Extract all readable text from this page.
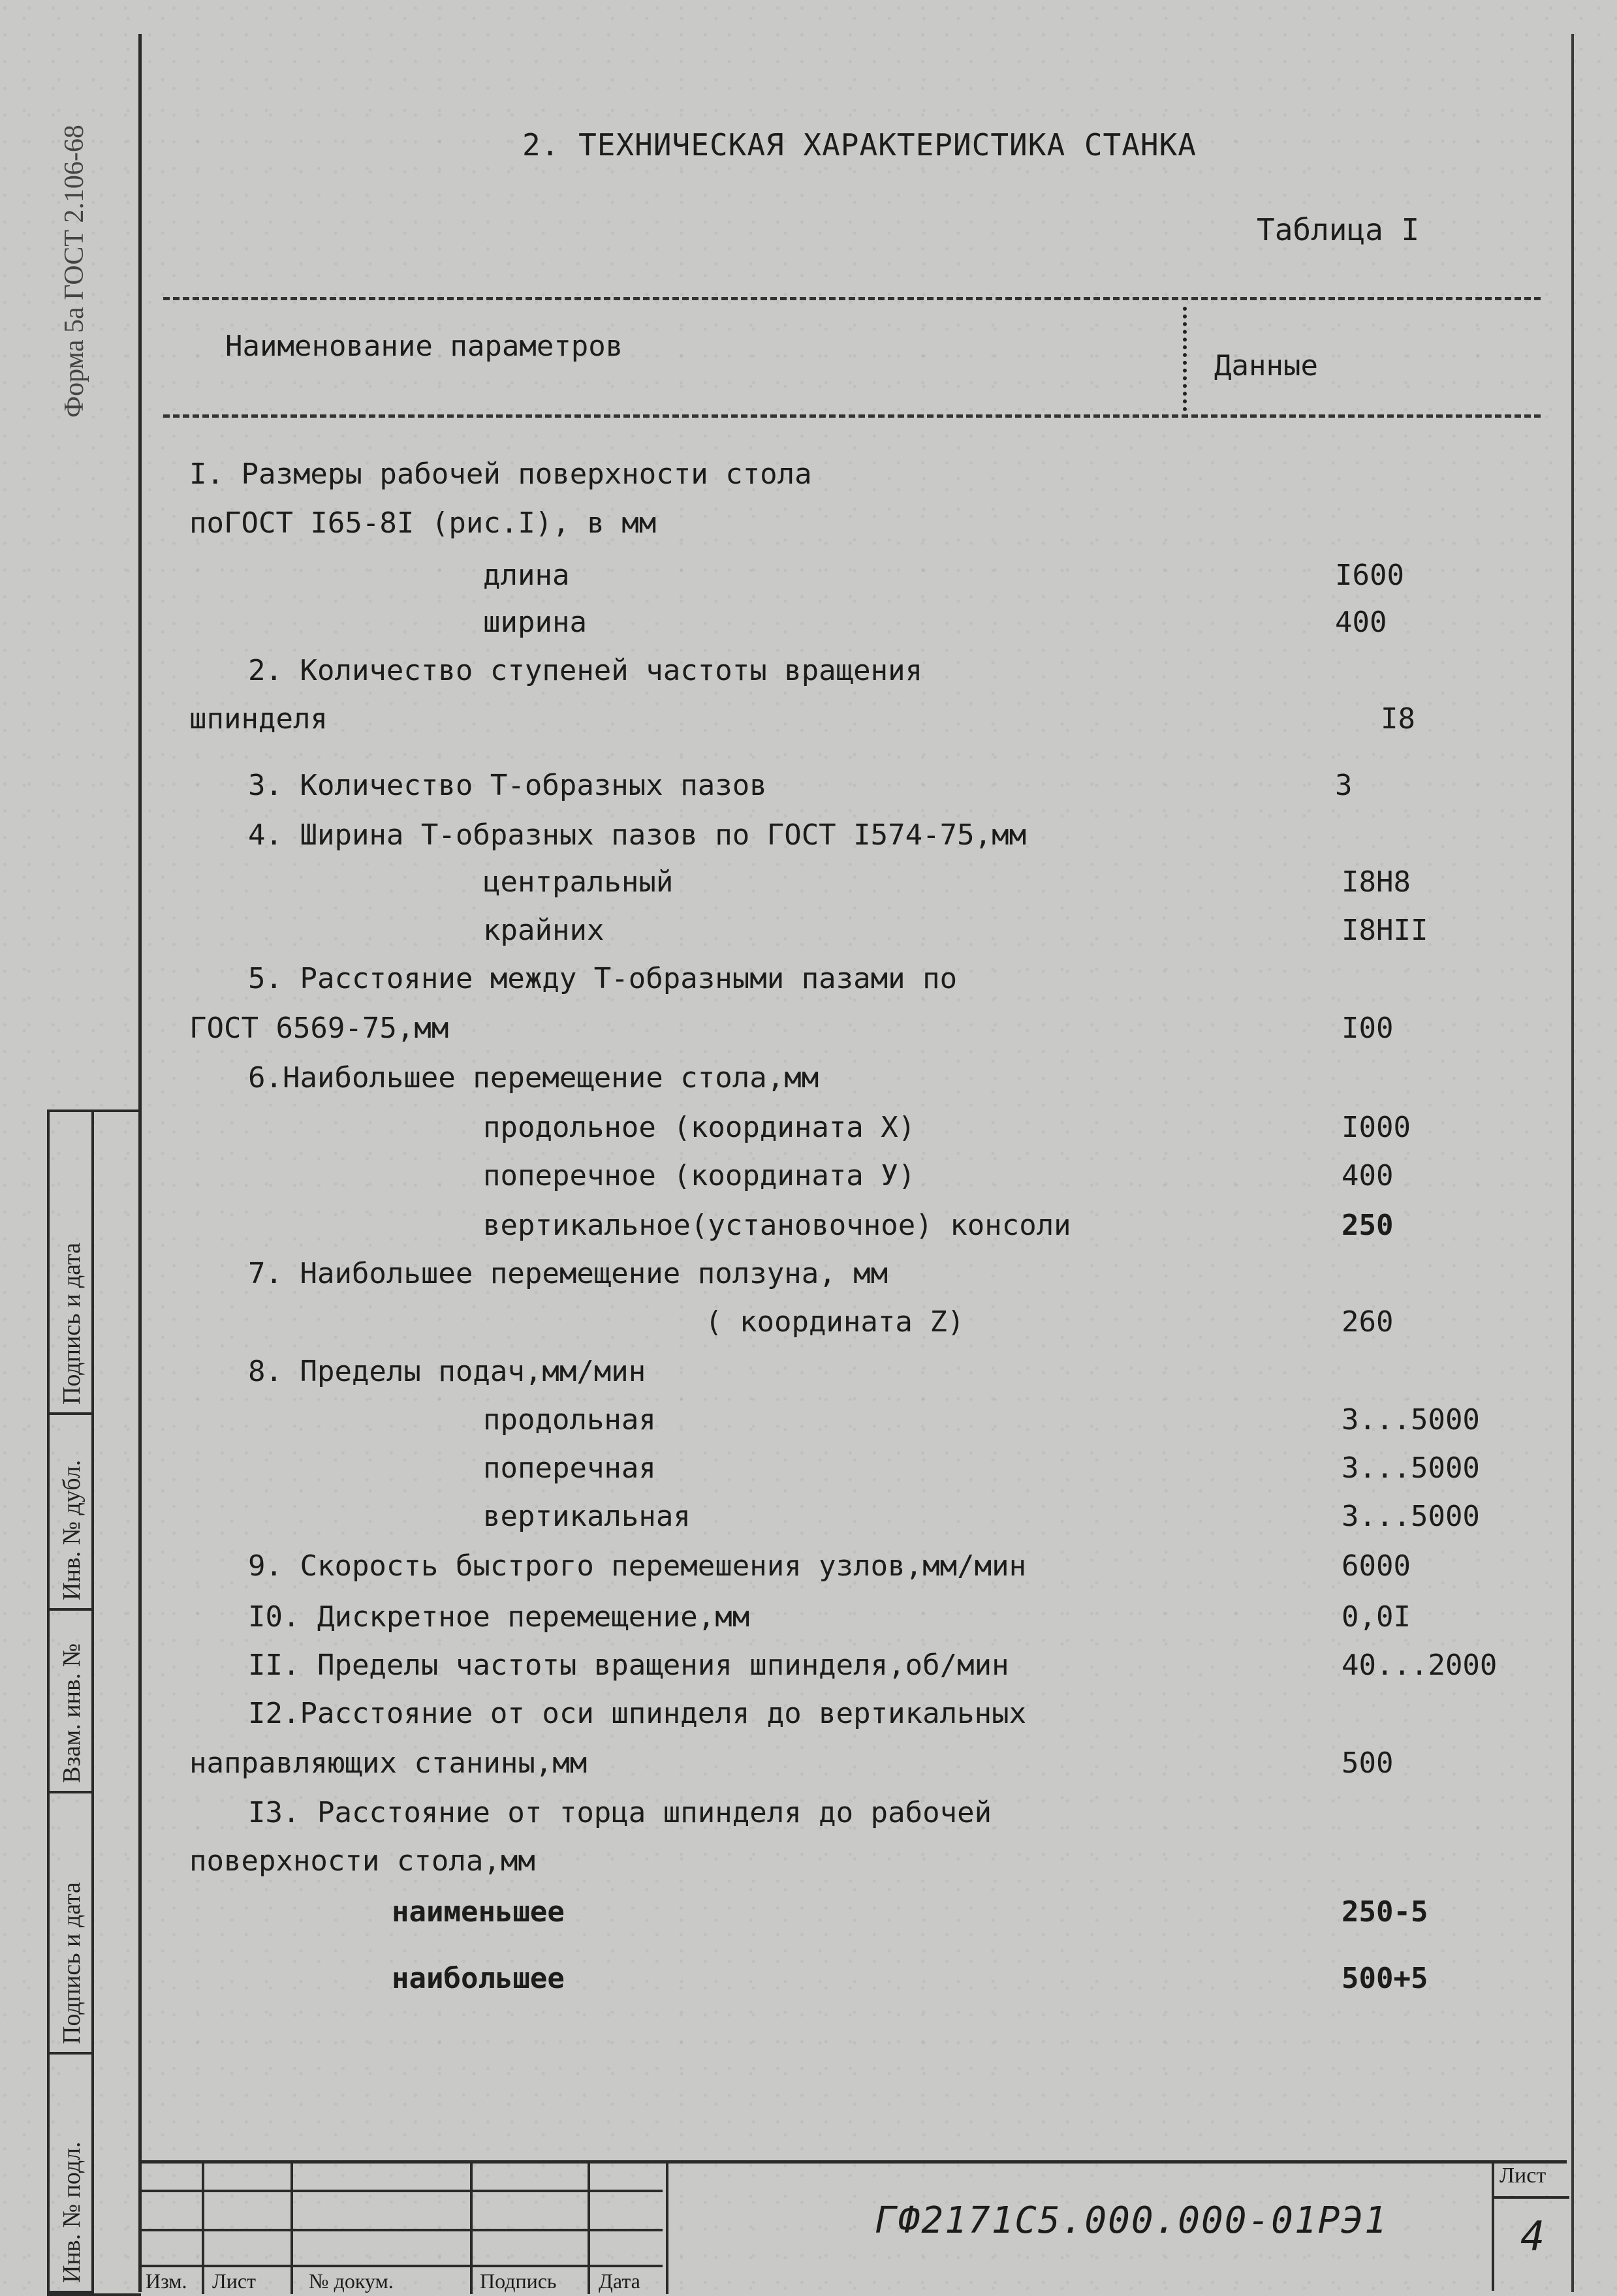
Форма 5а ГОСТ 2.106-68
Инв. № подл.
Подпись и дата
Взам. инв. №
Инв. № дубл.
Подпись и дата
2. ТЕХНИЧЕСКАЯ ХАРАКТЕРИСТИКА СТАНКА
Таблица I
Наименование параметров
Данные
I. Размеры рабочей поверхности стола
поГОСТ I65-8I (рис.I), в мм
длина	I600
ширина	400
2. Количество ступеней частоты вращения
шпинделя	I8
3. Количество Т-образных пазов	3
4. Ширина Т-образных пазов по ГОСТ I574-75,мм
центральный	I8H8
крайних	I8HII
5. Расстояние между Т-образными пазами по
ГОСТ 6569-75,мм	I00
6.Наибольшее перемещение стола,мм
продольное (координата X)	I000
поперечное (координата У)	400
вертикальное(установочное) консоли	250
7. Наибольшее перемещение ползуна, мм
( координата Z)	260
8. Пределы подач,мм/мин
продольная	3...5000
поперечная	3...5000
вертикальная	3...5000
9. Скорость быстрого перемешения узлов,мм/мин	6000
I0. Дискретное перемещение,мм	0,0I
II. Пределы частоты вращения шпинделя,об/мин	40...2000
I2.Расстояние от оси шпинделя до вертикальных
направляющих станины,мм	500
I3. Расстояние от торца шпинделя до рабочей
поверхности стола,мм
наименьшее	250-5
наибольшее	500+5
Изм. Лист	№ докум.	Подпись Дата
ГФ2171С5.000.000-01РЭ1
Лист
4
